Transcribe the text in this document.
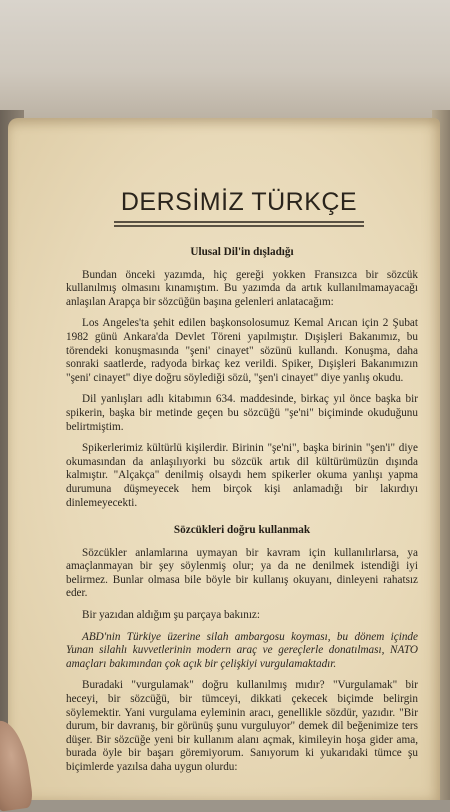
DERSİMİZ TÜRKÇE
Ulusal Dil'in dışladığı

Bundan önceki yazımda, hiç gereği yokken Fransızca bir sözcük kullanılmış olmasını kınamıştım. Bu yazımda da artık kullanılmamayacağı anlaşılan Arapça bir sözcüğün başına gelenleri anlatacağım:

Los Angeles'ta şehit edilen başkonsolosumuz Kemal Arıcan için 2 Şubat 1982 günü Ankara'da Devlet Töreni yapılmıştır. Dışişleri Bakanımız, bu törendeki konuşmasında "şeni' cinayet" sözünü kullandı. Konuşma, daha sonraki saatlerde, radyoda birkaç kez verildi. Spiker, Dışişleri Bakanımızın "şeni' cinayet" diye doğru söylediği sözü, "şen'i cinayet" diye yanlış okudu.

Dil yanlışları adlı kitabımın 634. maddesinde, birkaç yıl önce başka bir spikerin, başka bir metinde geçen bu sözcüğü "şe'ni" biçiminde okuduğunu belirtmiştim.

Spikerlerimiz kültürlü kişilerdir. Birinin "şe'ni", başka birinin "şen'i" diye okumasından da anlaşılıyorki bu sözcük artık dil kültürümüzün dışında kalmıştır. "Alçakça" denilmiş olsaydı hem spikerler okuma yanlışı yapma durumuna düşmeyecek hem birçok kişi anlamadığı bir lakırdıyı dinlemeyecekti.

Sözcükleri doğru kullanmak

Sözcükler anlamlarına uymayan bir kavram için kullanılırlarsa, ya amaçlanmayan bir şey söylenmiş olur; ya da ne denilmek istendiği iyi belirmez. Bunlar olmasa bile böyle bir kullanış okuyanı, dinleyeni rahatsız eder.

Bir yazıdan aldığım şu parçaya bakınız:

ABD'nin Türkiye üzerine silah ambargosu koyması, bu dönem içinde Yunan silahlı kuvvetlerinin modern araç ve gereçlerle donatılması, NATO amaçları bakımından çok açık bir çelişkiyi vurgulamaktadır.

Buradaki "vurgulamak" doğru kullanılmış mıdır? "Vurgulamak" bir heceyi, bir sözcüğü, bir tümceyi, dikkati çekecek biçimde belirgin söylemektir. Yani vurgulama eyleminin aracı, genellikle sözdür, yazıdır. "Bir durum, bir davranış, bir görünüş şunu vurguluyor" demek dil beğenimize ters düşer. Bir sözcüğe yeni bir kullanım alanı açmak, kimileyin hoşa gider ama, burada öyle bir başarı göremiyorum. Sanıyorum ki yukarıdaki tümce şu biçimlerde yazılsa daha uygun olurdu:
